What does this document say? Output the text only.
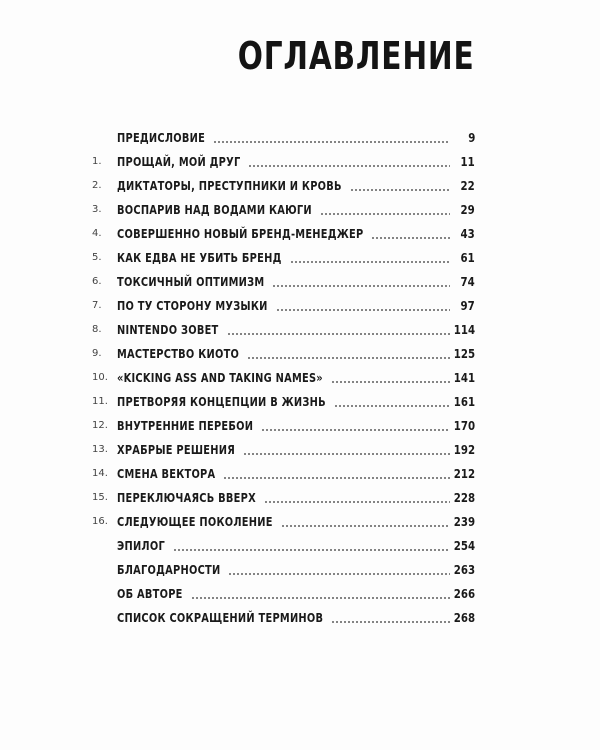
ОГЛАВЛЕНИЕ
ПРЕДИСЛОВИЕ	9
1. ПРОЩАЙ, МОЙ ДРУГ	11
2. ДИКТАТОРЫ, ПРЕСТУПНИКИ И КРОВЬ	22
3. ВОСПАРИВ НАД ВОДАМИ КАЮГИ	29
4. СОВЕРШЕННО НОВЫЙ БРЕНД-МЕНЕДЖЕР	43
5. КАК ЕДВА НЕ УБИТЬ БРЕНД	61
6. ТОКСИЧНЫЙ ОПТИМИЗМ	74
7. ПО ТУ СТОРОНУ МУЗЫКИ	97
8. NINTENDO ЗОВЕТ	114
9. МАСТЕРСТВО КИОТО	125
10. «KICKING ASS AND TAKING NAMES»	141
11. ПРЕТВОРЯЯ КОНЦЕПЦИИ В ЖИЗНЬ	161
12. ВНУТРЕННИЕ ПЕРЕБОИ	170
13. ХРАБРЫЕ РЕШЕНИЯ	192
14. СМЕНА ВЕКТОРА	212
15. ПЕРЕКЛЮЧАЯСЬ ВВЕРХ	228
16. СЛЕДУЮЩЕЕ ПОКОЛЕНИЕ	239
ЭПИЛОГ	254
БЛАГОДАРНОСТИ	263
ОБ АВТОРЕ	266
СПИСОК СОКРАЩЕНИЙ ТЕРМИНОВ	268
